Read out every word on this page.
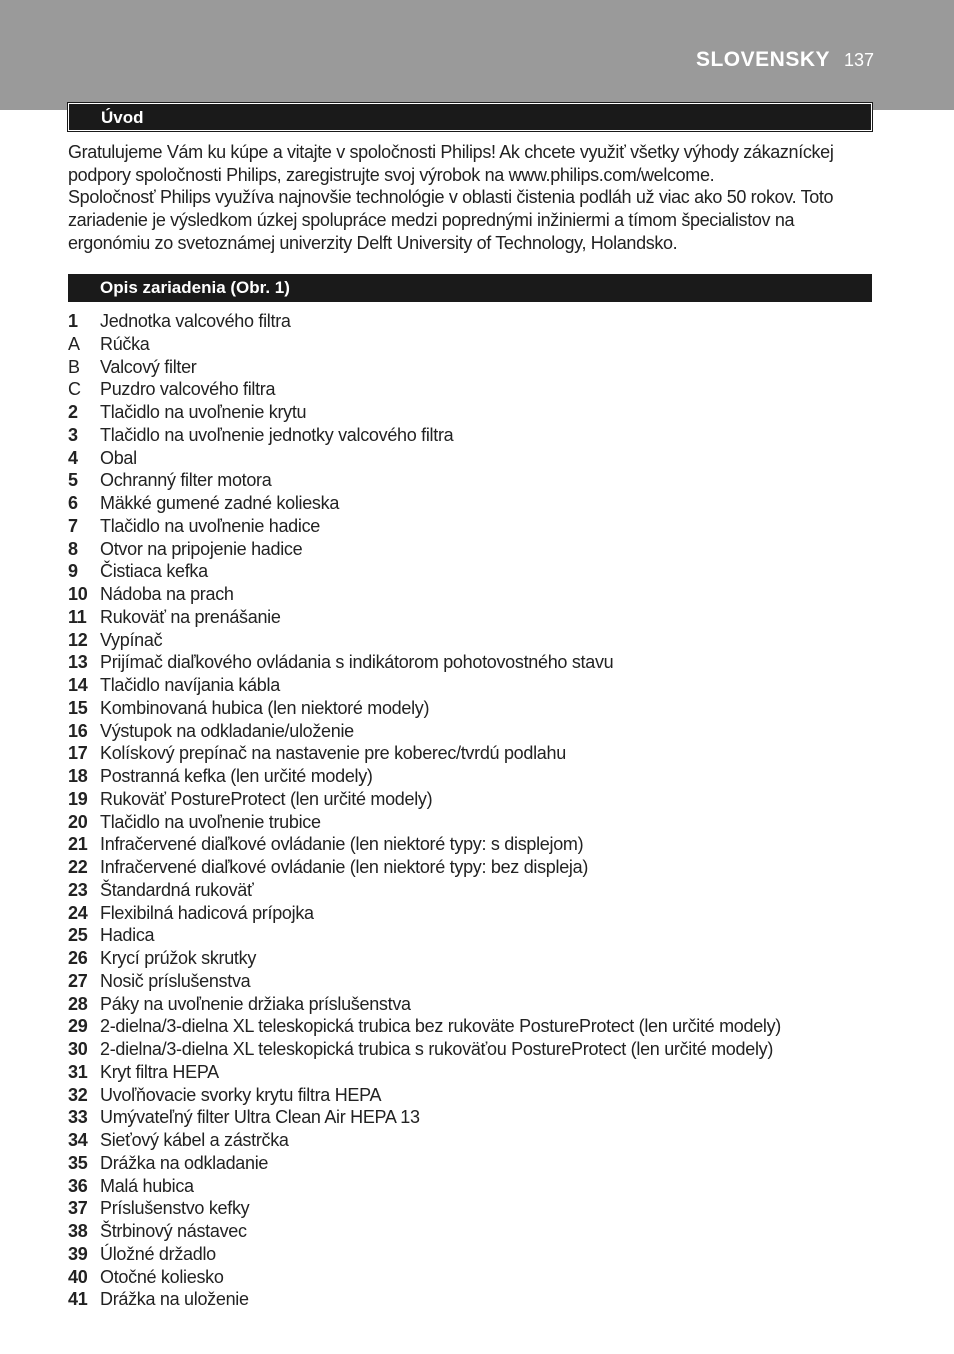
SLOVENSKY 137
Úvod

Gratulujeme Vám ku kúpe a vitajte v spoločnosti Philips! Ak chcete využiť všetky výhody zákazníckej podpory spoločnosti Philips, zaregistrujte svoj výrobok na www.philips.com/welcome.

Spoločnosť Philips využíva najnovšie technológie v oblasti čistenia podláh už viac ako 50 rokov. Toto zariadenie je výsledkom úzkej spolupráce medzi poprednými inžiniermi a tímom špecialistov na ergonómiu zo svetoznámej univerzity Delft University of Technology, Holandsko.

Opis zariadenia (Obr. 1)
1 Jednotka valcového filtra
A Rúčka
B Valcový filter
C Puzdro valcového filtra
2 Tlačidlo na uvoľnenie krytu
3 Tlačidlo na uvoľnenie jednotky valcového filtra
4 Obal
5 Ochranný filter motora
6 Mäkké gumené zadné kolieska
7 Tlačidlo na uvoľnenie hadice
8 Otvor na pripojenie hadice
9 Čistiaca kefka
10 Nádoba na prach
11 Rukoväť na prenášanie
12 Vypínač
13 Prijímač diaľkového ovládania s indikátorom pohotovostného stavu
14 Tlačidlo navíjania kábla
15 Kombinovaná hubica (len niektoré modely)
16 Výstupok na odkladanie/uloženie
17 Kolískový prepínač na nastavenie pre koberec/tvrdú podlahu
18 Postranná kefka (len určité modely)
19 Rukoväť PostureProtect (len určité modely)
20 Tlačidlo na uvoľnenie trubice
21 Infračervené diaľkové ovládanie (len niektoré typy: s displejom)
22 Infračervené diaľkové ovládanie (len niektoré typy: bez displeja)
23 Štandardná rukoväť
24 Flexibilná hadicová prípojka
25 Hadica
26 Krycí prúžok skrutky
27 Nosič príslušenstva
28 Páky na uvoľnenie držiaka príslušenstva
29 2-dielna/3-dielna XL teleskopická trubica bez rukoväte PostureProtect (len určité modely)
30 2-dielna/3-dielna XL teleskopická trubica s rukoväťou PostureProtect (len určité modely)
31 Kryt filtra HEPA
32 Uvoľňovacie svorky krytu filtra HEPA
33 Umývateľný filter Ultra Clean Air HEPA 13
34 Sieťový kábel a zástrčka
35 Drážka na odkladanie
36 Malá hubica
37 Príslušenstvo kefky
38 Štrbinový nástavec
39 Úložné držadlo
40 Otočné koliesko
41 Drážka na uloženie
